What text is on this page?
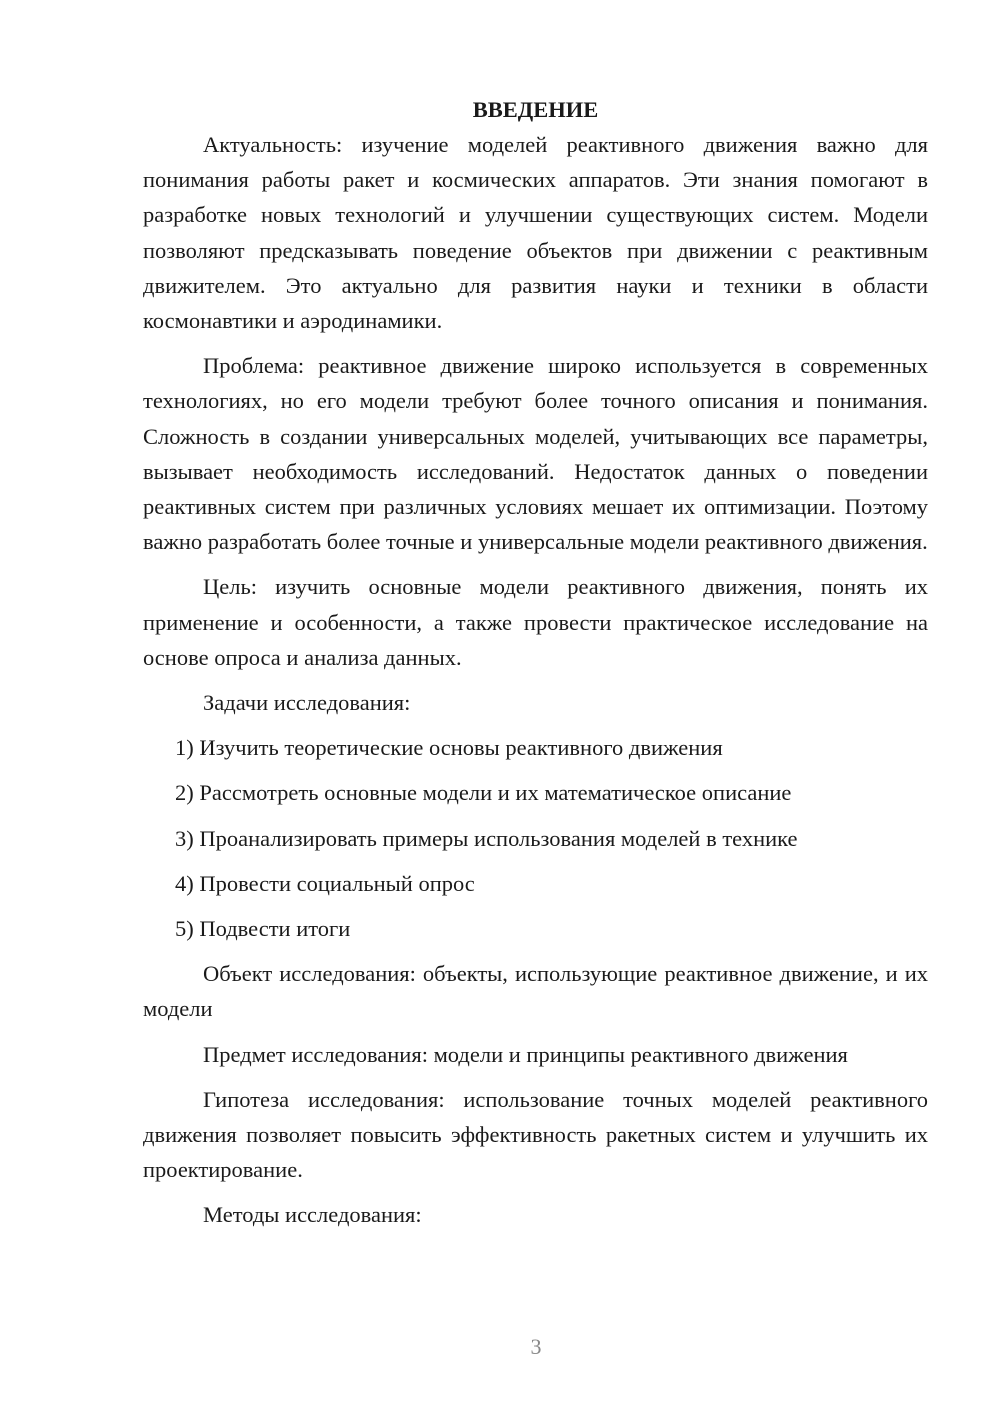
ВВЕДЕНИЕ

Актуальность: изучение моделей реактивного движения важно для понимания работы ракет и космических аппаратов. Эти знания помогают в разработке новых технологий и улучшении существующих систем. Модели позволяют предсказывать поведение объектов при движении с реактивным движителем. Это актуально для развития науки и техники в области космонавтики и аэродинамики.

Проблема: реактивное движение широко используется в современных технологиях, но его модели требуют более точного описания и понимания. Сложность в создании универсальных моделей, учитывающих все параметры, вызывает необходимость исследований. Недостаток данных о поведении реактивных систем при различных условиях мешает их оптимизации. Поэтому важно разработать более точные и универсальные модели реактивного движения.

Цель: изучить основные модели реактивного движения, понять их применение и особенности, а также провести практическое исследование на основе опроса и анализа данных.

Задачи исследования:

1) Изучить теоретические основы реактивного движения
2) Рассмотреть основные модели и их математическое описание
3) Проанализировать примеры использования моделей в технике
4) Провести социальный опрос
5) Подвести итоги

Объект исследования: объекты, использующие реактивное движение, и их модели

Предмет исследования: модели и принципы реактивного движения

Гипотеза исследования: использование точных моделей реактивного движения позволяет повысить эффективность ракетных систем и улучшить их проектирование.

Методы исследования:

3
